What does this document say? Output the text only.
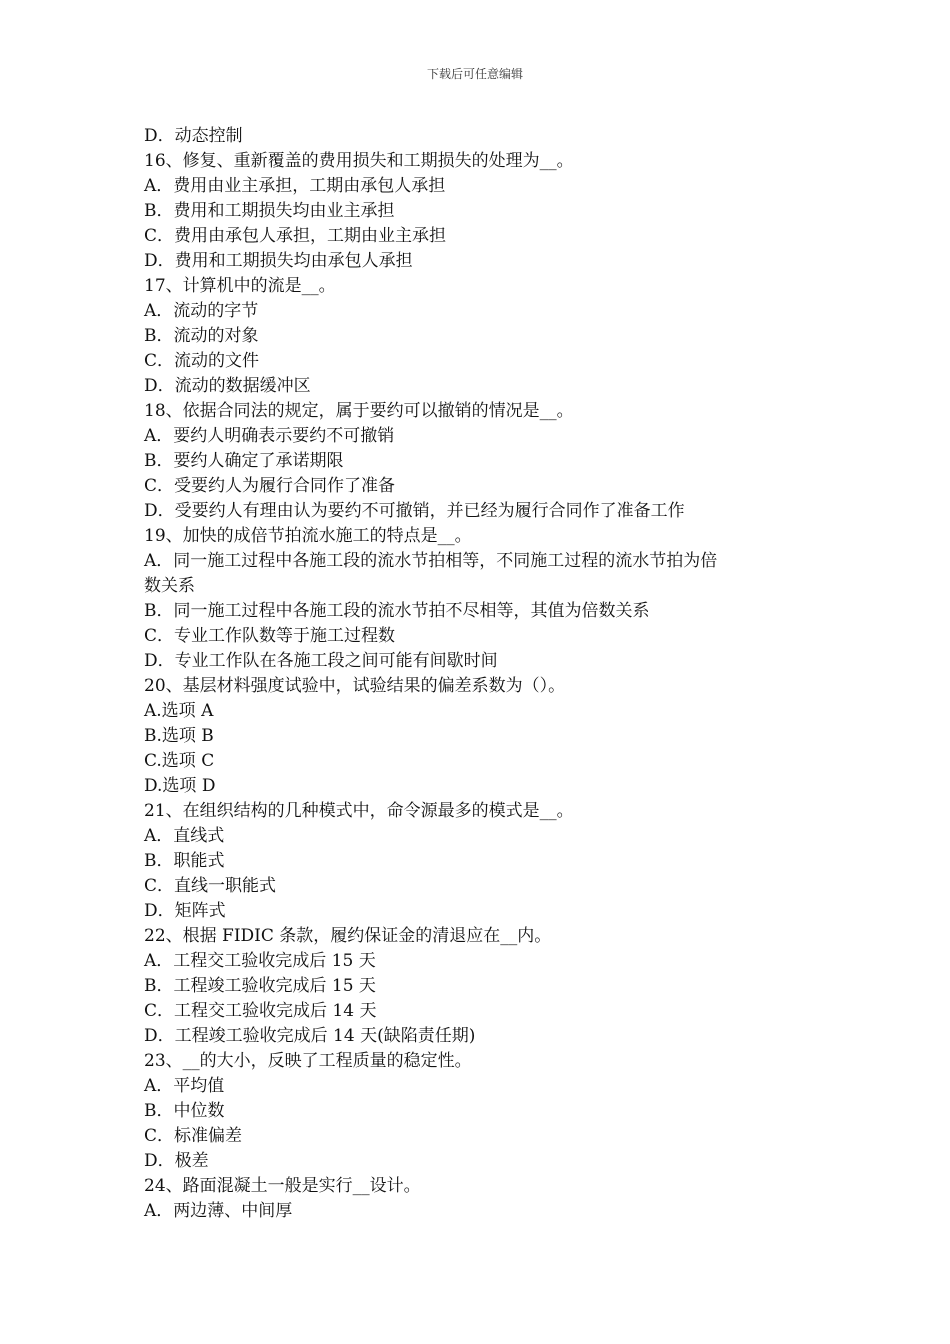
下载后可任意编辑
D．动态控制
16、修复、重新覆盖的费用损失和工期损失的处理为__。
A．费用由业主承担，工期由承包人承担
B．费用和工期损失均由业主承担
C．费用由承包人承担，工期由业主承担
D．费用和工期损失均由承包人承担
17、计算机中的流是__。
A．流动的字节
B．流动的对象
C．流动的文件
D．流动的数据缓冲区
18、依据合同法的规定，属于要约可以撤销的情况是__。
A．要约人明确表示要约不可撤销
B．要约人确定了承诺期限
C．受要约人为履行合同作了准备
D．受要约人有理由认为要约不可撤销，并已经为履行合同作了准备工作
19、加快的成倍节拍流水施工的特点是__。
A．同一施工过程中各施工段的流水节拍相等，不同施工过程的流水节拍为倍
数关系
B．同一施工过程中各施工段的流水节拍不尽相等，其值为倍数关系
C．专业工作队数等于施工过程数
D．专业工作队在各施工段之间可能有间歇时间
20、基层材料强度试验中，试验结果的偏差系数为（）。
A.选项 A
B.选项 B
C.选项 C
D.选项 D
21、在组织结构的几种模式中，命令源最多的模式是__。
A．直线式
B．职能式
C．直线一职能式
D．矩阵式
22、根据 FIDIC 条款，履约保证金的清退应在__内。
A．工程交工验收完成后 15 天
B．工程竣工验收完成后 15 天
C．工程交工验收完成后 14 天
D．工程竣工验收完成后 14 天(缺陷责任期)
23、__的大小，反映了工程质量的稳定性。
A．平均值
B．中位数
C．标准偏差
D．极差
24、路面混凝土一般是实行__设计。
A．两边薄、中间厚
